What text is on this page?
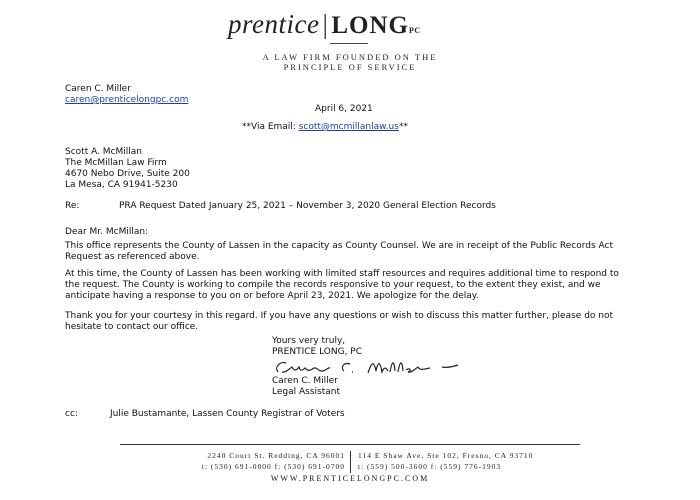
prentice | LONGPC
A LAW FIRM FOUNDED ON THE
PRINCIPLE OF SERVICE
Caren C. Miller
caren@prenticelongpc.com
April 6, 2021
**Via Email: scott@mcmillanlaw.us**
Scott A. McMillan
The McMillan Law Firm
4670 Nebo Drive, Suite 200
La Mesa, CA 91941-5230
Re:	PRA Request Dated January 25, 2021 – November 3, 2020 General Election Records
Dear Mr. McMillan:
This office represents the County of Lassen in the capacity as County Counsel. We are in receipt of the Public Records Act Request as referenced above.
At this time, the County of Lassen has been working with limited staff resources and requires additional time to respond to the request. The County is working to compile the records responsive to your request, to the extent they exist, and we anticipate having a response to you on or before April 23, 2021. We apologize for the delay.
Thank you for your courtesy in this regard. If you have any questions or wish to discuss this matter further, please do not hesitate to contact our office.
Yours very truly,
PRENTICE LONG, PC
Caren C. Miller
Legal Assistant
cc:	Julie Bustamante, Lassen County Registrar of Voters
2240 Court St. Redding, CA 96001
t: (530) 691-0800 f: (530) 691-0700
114 E Shaw Ave, Ste 102, Fresno, CA 93710
t: (559) 500-3600 f: (559) 776-1903
WWW.PRENTICELONGPC.COM
